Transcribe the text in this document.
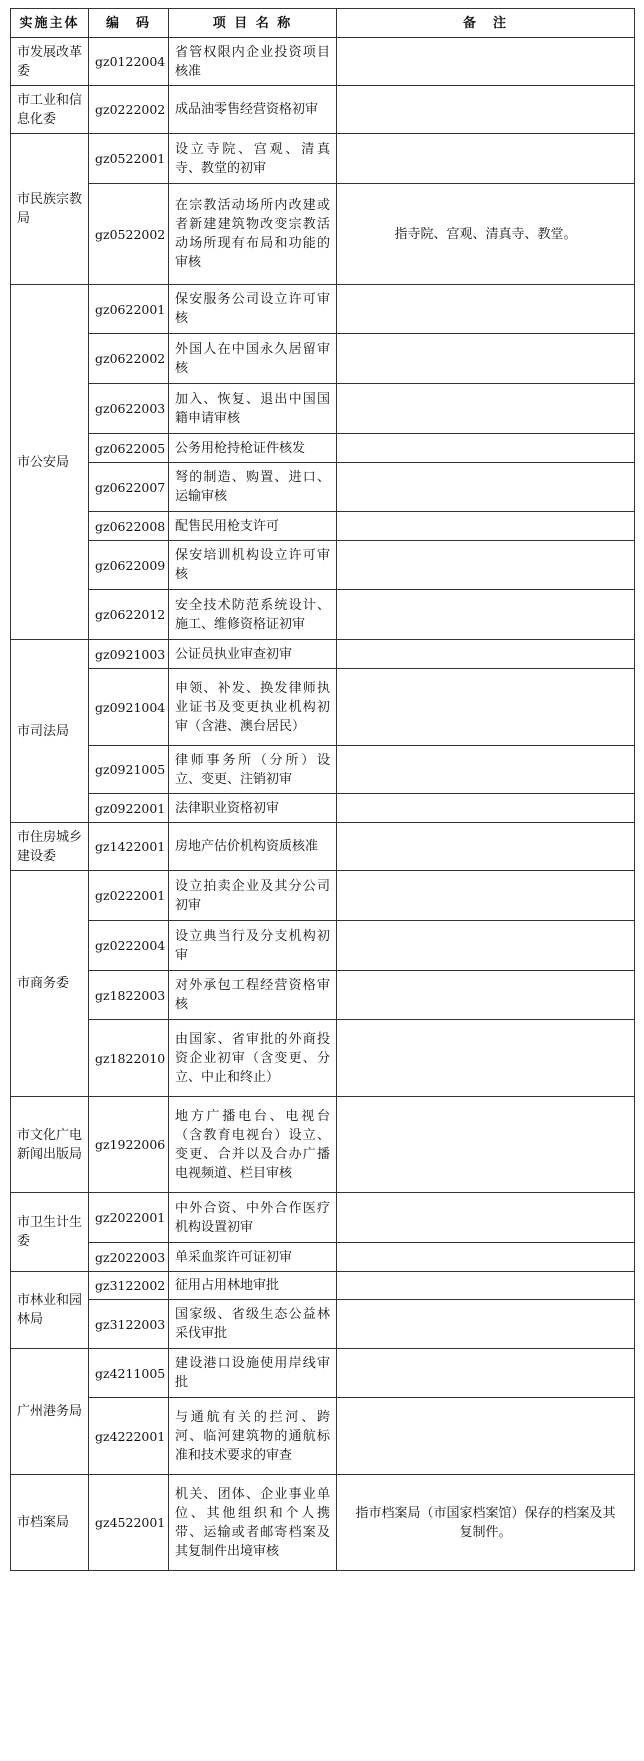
实施主体	编　码	项 目 名 称	备　注
市发展改革委	gz0122004	省管权限内企业投资项目核准	
市工业和信息化委	gz0222002	成品油零售经营资格初审	
市民族宗教局	gz0522001	设立寺院、宫观、清真寺、教堂的初审	
	gz0522002	在宗教活动场所内改建或者新建建筑物改变宗教活动场所现有布局和功能的审核	指寺院、宫观、清真寺、教堂。
市公安局	gz0622001	保安服务公司设立许可审核	
	gz0622002	外国人在中国永久居留审核	
	gz0622003	加入、恢复、退出中国国籍申请审核	
	gz0622005	公务用枪持枪证件核发	
	gz0622007	弩的制造、购置、进口、运输审核	
	gz0622008	配售民用枪支许可	
	gz0622009	保安培训机构设立许可审核	
	gz0622012	安全技术防范系统设计、施工、维修资格证初审	
市司法局	gz0921003	公证员执业审查初审	
	gz0921004	申领、补发、换发律师执业证书及变更执业机构初审（含港、澳台居民）	
	gz0921005	律师事务所（分所）设立、变更、注销初审	
	gz0922001	法律职业资格初审	
市住房城乡建设委	gz1422001	房地产估价机构资质核准	
市商务委	gz0222001	设立拍卖企业及其分公司初审	
	gz0222004	设立典当行及分支机构初审	
	gz1822003	对外承包工程经营资格审核	
	gz1822010	由国家、省审批的外商投资企业初审（含变更、分立、中止和终止）	
市文化广电新闻出版局	gz1922006	地方广播电台、电视台（含教育电视台）设立、变更、合并以及合办广播电视频道、栏目审核	
市卫生计生委	gz2022001	中外合资、中外合作医疗机构设置初审	
	gz2022003	单采血浆许可证初审	
市林业和园林局	gz3122002	征用占用林地审批	
	gz3122003	国家级、省级生态公益林采伐审批	
广州港务局	gz4211005	建设港口设施使用岸线审批	
	gz4222001	与通航有关的拦河、跨河、临河建筑物的通航标准和技术要求的审查	
市档案局	gz4522001	机关、团体、企业事业单位、其他组织和个人携带、运输或者邮寄档案及其复制件出境审核	指市档案局（市国家档案馆）保存的档案及其复制件。
